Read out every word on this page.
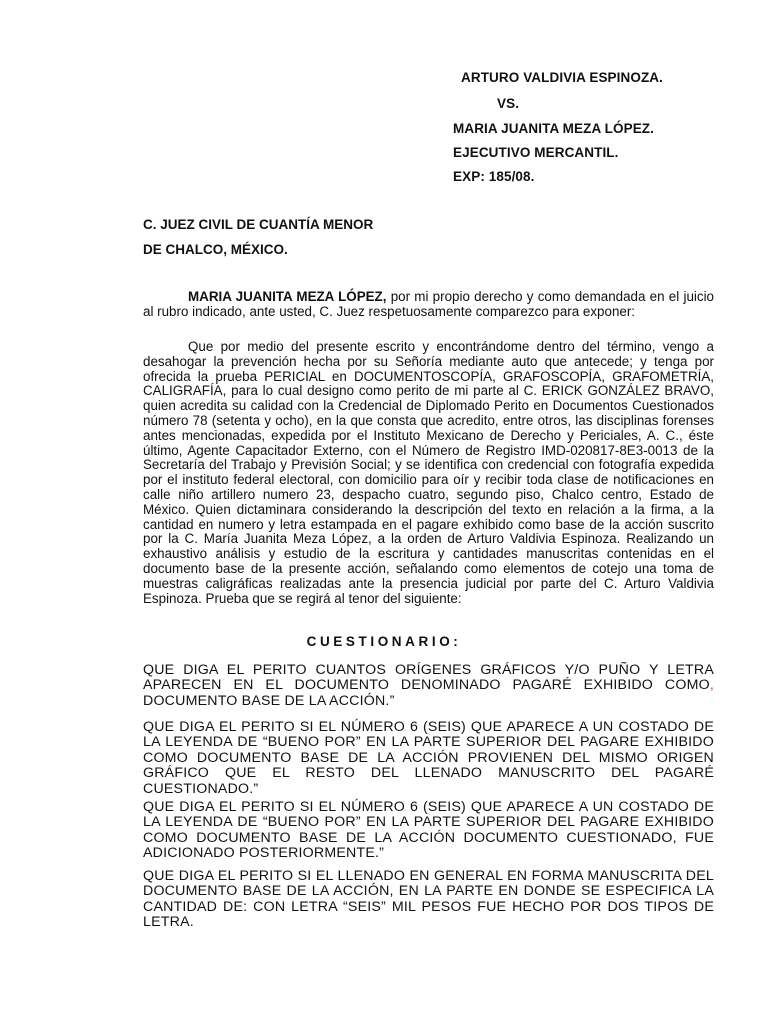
ARTURO VALDIVIA ESPINOZA.
VS.
MARIA JUANITA MEZA LÓPEZ.
EJECUTIVO MERCANTIL.
EXP: 185/08.
C. JUEZ CIVIL DE CUANTÍA MENOR
DE CHALCO, MÉXICO.

MARIA JUANITA MEZA LÓPEZ, por mi propio derecho y como demandada en el juicio al rubro indicado, ante usted, C. Juez respetuosamente comparezco para exponer:

Que por medio del presente escrito y encontrándome dentro del término, vengo a desahogar la prevención hecha por su Señoría mediante auto que antecede; y tenga por ofrecida la prueba PERICIAL en DOCUMENTOSCOPÍA, GRAFOSCOPÍA, GRAFOMETRÍA, CALIGRAFÍA, para lo cual designo como perito de mi parte al C. ERICK GONZÁLEZ BRAVO, quien acredita su calidad con la Credencial de Diplomado Perito en Documentos Cuestionados número 78 (setenta y ocho), en la que consta que acredito, entre otros, las disciplinas forenses antes mencionadas, expedida por el Instituto Mexicano de Derecho y Periciales, A. C., éste último, Agente Capacitador Externo, con el Número de Registro IMD-020817-8E3-0013 de la Secretaría del Trabajo y Previsión Social; y se identifica con credencial con fotografía expedida por el instituto federal electoral, con domicilio para oír y recibir toda clase de notificaciones en calle niño artillero numero 23, despacho cuatro, segundo piso, Chalco centro, Estado de México. Quien dictaminara considerando la descripción del texto en relación a la firma, a la cantidad en numero y letra estampada en el pagare exhibido como base de la acción suscrito por la C. María Juanita Meza López, a la orden de Arturo Valdivia Espinoza. Realizando un exhaustivo análisis y estudio de la escritura y cantidades manuscritas contenidas en el documento base de la presente acción, señalando como elementos de cotejo una toma de muestras caligráficas realizadas ante la presencia judicial por parte del C. Arturo Valdivia Espinoza. Prueba que se regirá al tenor del siguiente:

CUESTIONARIO:

QUE DIGA EL PERITO CUANTOS ORÍGENES GRÁFICOS Y/O PUÑO Y LETRA APARECEN EN EL DOCUMENTO DENOMINADO PAGARÉ EXHIBIDO COMO, DOCUMENTO BASE DE LA ACCIÓN.”

QUE DIGA EL PERITO SI EL NÚMERO 6 (SEIS) QUE APARECE A UN COSTADO DE LA LEYENDA DE “BUENO POR” EN LA PARTE SUPERIOR DEL PAGARE EXHIBIDO COMO DOCUMENTO BASE DE LA ACCIÓN PROVIENEN DEL MISMO ORIGEN GRÁFICO QUE EL RESTO DEL LLENADO MANUSCRITO DEL PAGARÉ CUESTIONADO.”

QUE DIGA EL PERITO SI EL NÚMERO 6 (SEIS) QUE APARECE A UN COSTADO DE LA LEYENDA DE “BUENO POR” EN LA PARTE SUPERIOR DEL PAGARE EXHIBIDO COMO DOCUMENTO BASE DE LA ACCIÓN DOCUMENTO CUESTIONADO, FUE ADICIONADO POSTERIORMENTE.”

QUE DIGA EL PERITO SI EL LLENADO EN GENERAL EN FORMA MANUSCRITA DEL DOCUMENTO BASE DE LA ACCIÓN, EN LA PARTE EN DONDE SE ESPECIFICA LA CANTIDAD DE: CON LETRA “SEIS” MIL PESOS FUE HECHO POR DOS TIPOS DE LETRA.
